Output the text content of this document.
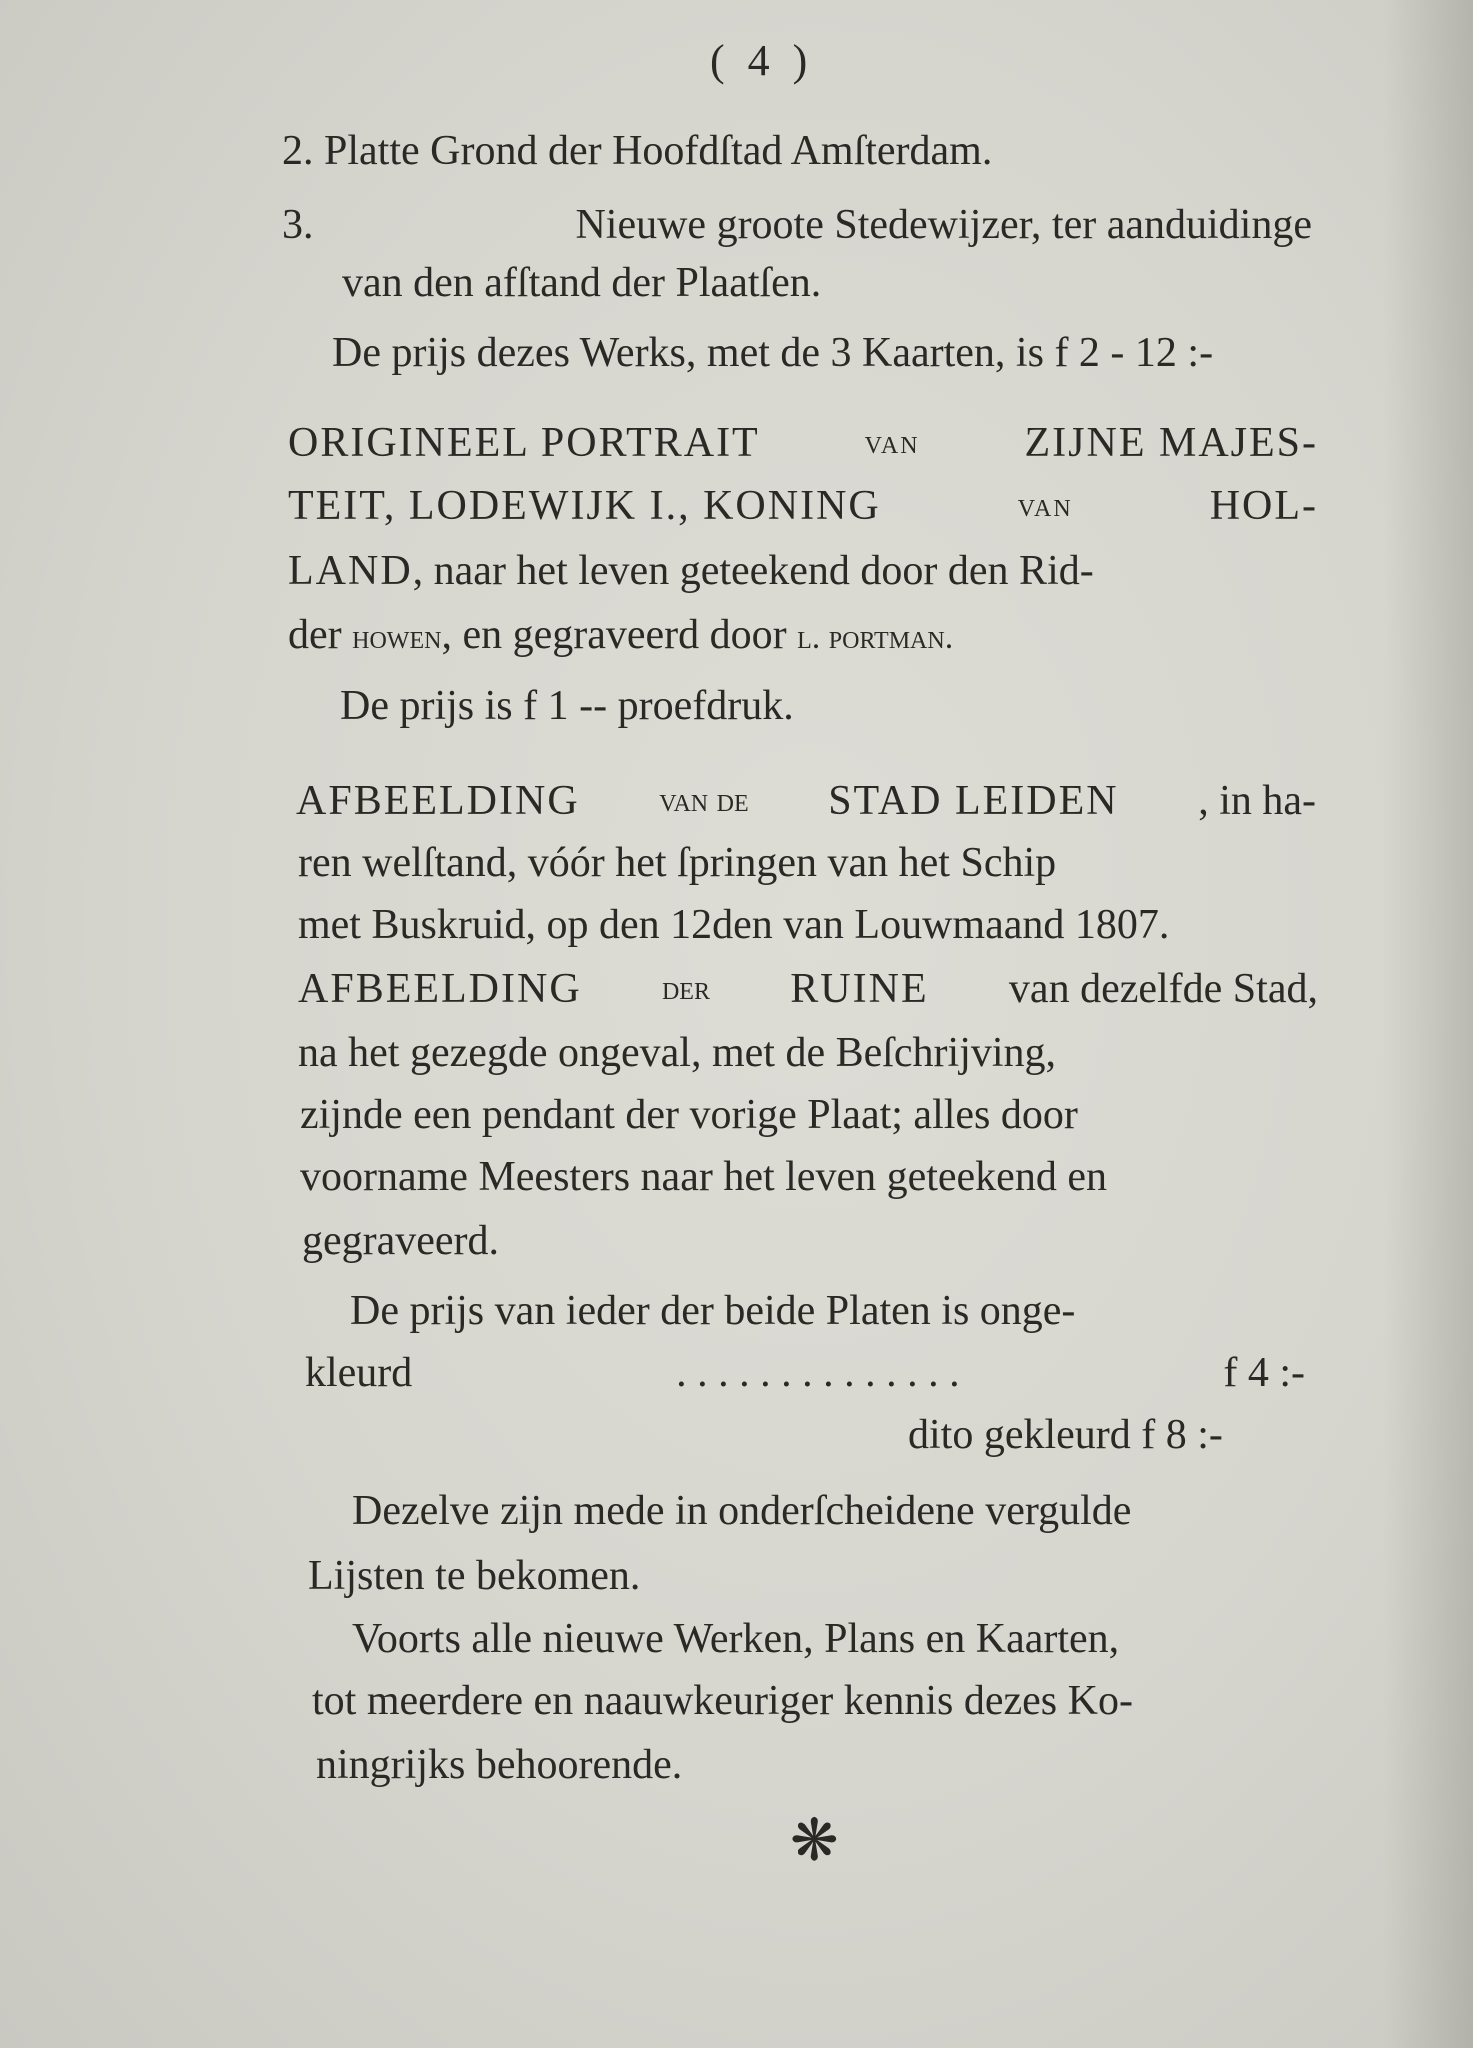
( 4 )
2. Platte Grond der Hoofdſtad Amſterdam.
3.	Nieuwe groote Stedewijzer, ter aanduidinge
van den afſtand der Plaatſen.
De prijs dezes Werks, met de 3 Kaarten, is f 2 - 12 :-
ORIGINEEL PORTRAIT	van ZIJNE MAJES-
TEIT, LODEWIJK I., KONING	van	HOL-
LAND, naar het leven geteekend door den Rid-
der howen, en gegraveerd door l. portman.
De prijs is f 1 -- proefdruk.
AFBEELDING van de STAD LEIDEN , in ha-
ren welſtand, vóór het ſpringen van het Schip
met Buskruid, op den 12den van Louwmaand 1807.
AFBEELDING der RUINE van dezelfde Stad,
na het gezegde ongeval, met de Beſchrijving,
zijnde een pendant der vorige Plaat; alles door
voorname Meesters naar het leven geteekend en
gegraveerd.
De prijs van ieder der beide Platen is onge-
kleurd	. . . . . . . . . . . . . .	f 4 :-
dito gekleurd f 8 :-
Dezelve zijn mede in onderſcheidene vergulde
Lijsten te bekomen.
Voorts alle nieuwe Werken, Plans en Kaarten,
tot meerdere en naauwkeuriger kennis dezes Ko-
ningrijks behoorende.
❋
